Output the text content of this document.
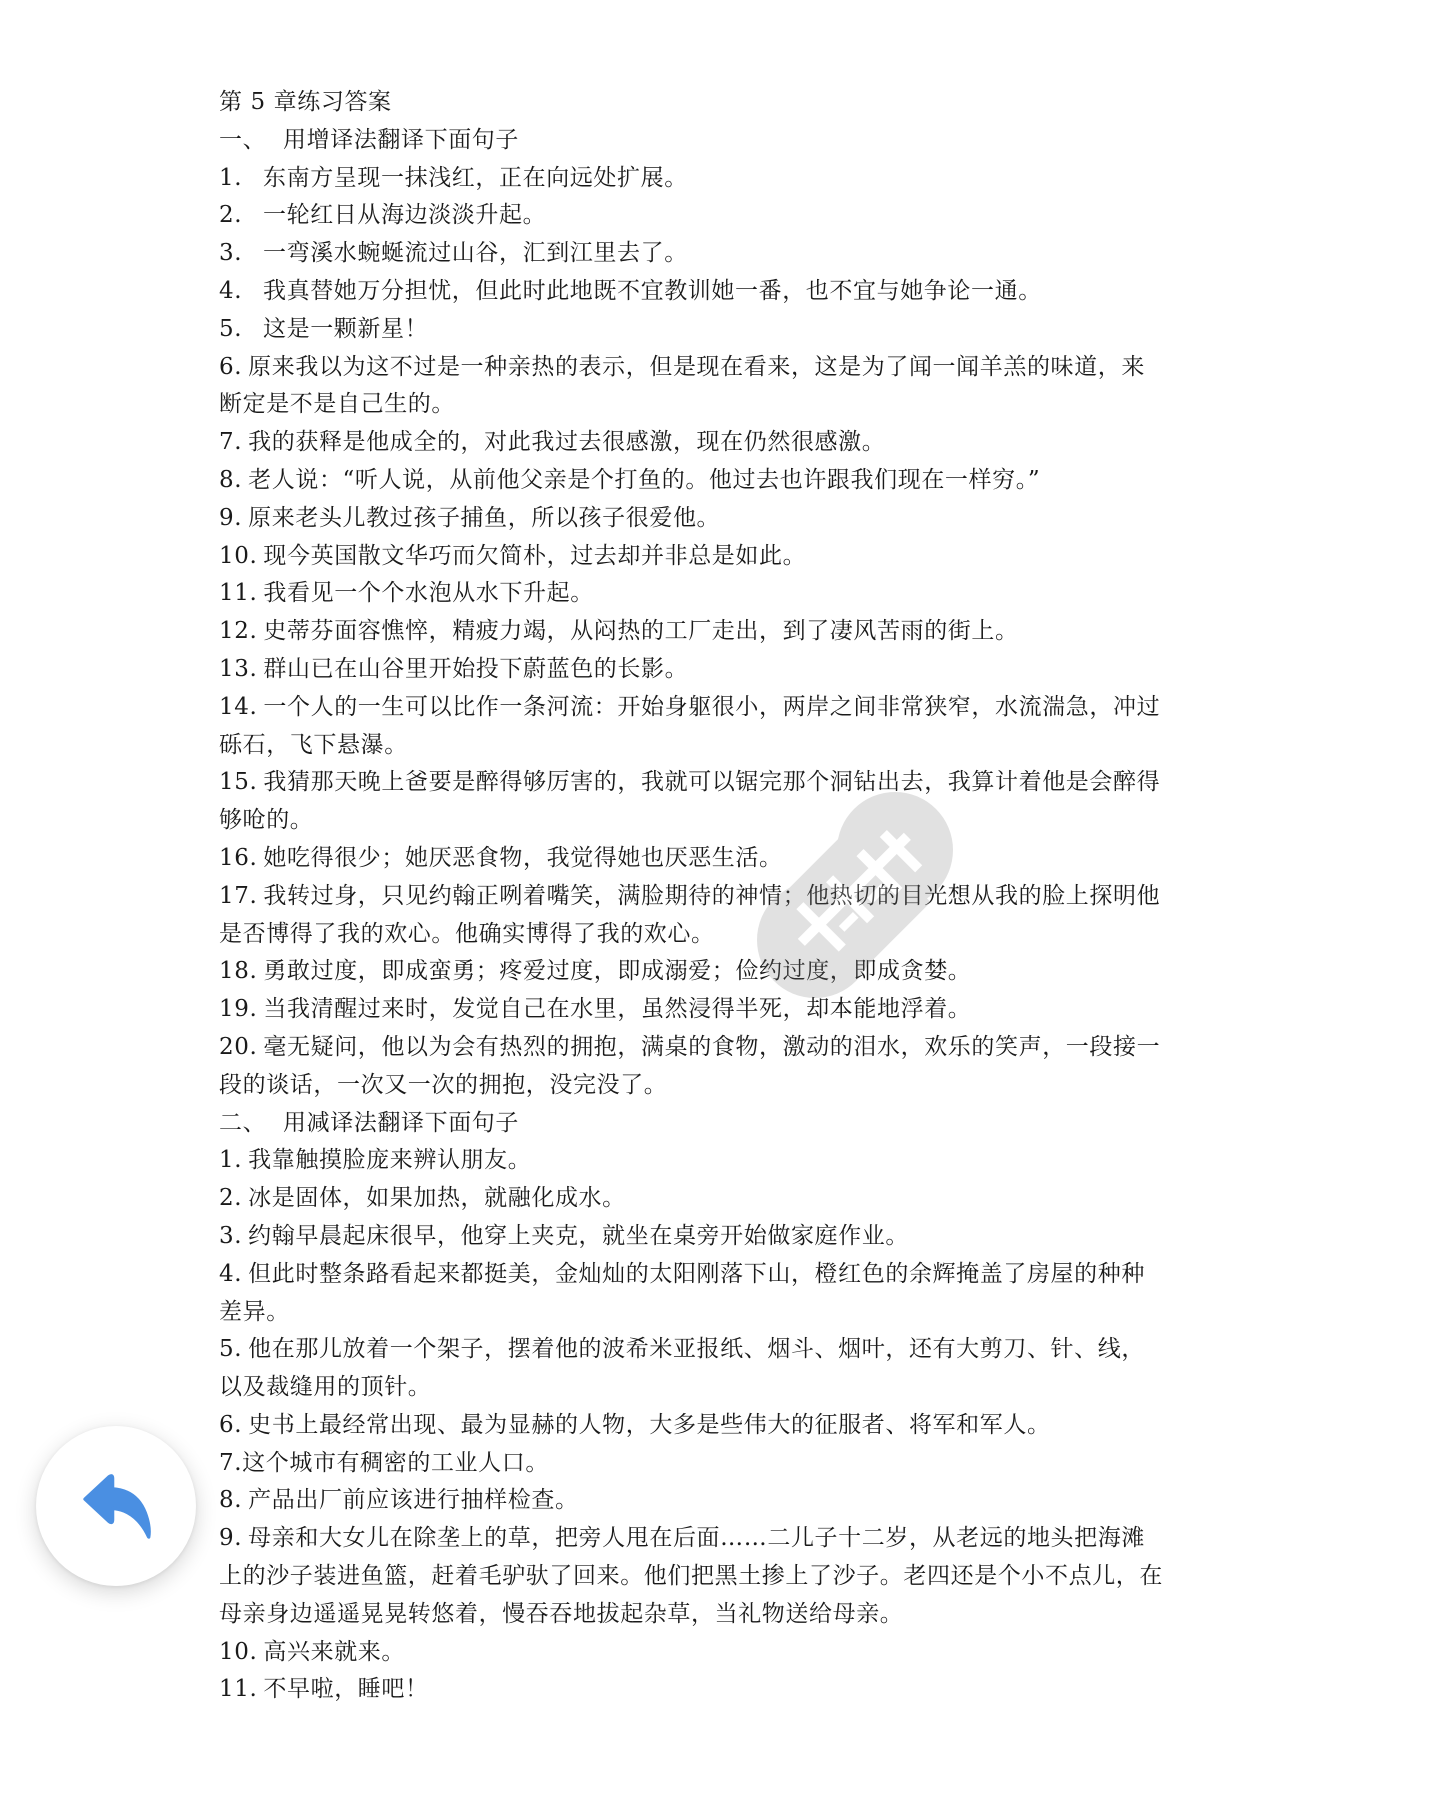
第 5 章练习答案
一、 用增译法翻译下面句子
1. 东南方呈现一抹浅红，正在向远处扩展。
2. 一轮红日从海边淡淡升起。
3. 一弯溪水蜿蜒流过山谷，汇到江里去了。
4. 我真替她万分担忧，但此时此地既不宜教训她一番，也不宜与她争论一通。
5. 这是一颗新星！
6. 原来我以为这不过是一种亲热的表示，但是现在看来，这是为了闻一闻羊羔的味道，来
断定是不是自己生的。
7. 我的获释是他成全的，对此我过去很感激，现在仍然很感激。
8. 老人说：“听人说，从前他父亲是个打鱼的。他过去也许跟我们现在一样穷。”
9. 原来老头儿教过孩子捕鱼，所以孩子很爱他。
10. 现今英国散文华巧而欠简朴，过去却并非总是如此。
11. 我看见一个个水泡从水下升起。
12. 史蒂芬面容憔悴，精疲力竭，从闷热的工厂走出，到了凄风苦雨的街上。
13. 群山已在山谷里开始投下蔚蓝色的长影。
14. 一个人的一生可以比作一条河流：开始身躯很小，两岸之间非常狭窄，水流湍急，冲过
砾石，飞下悬瀑。
15. 我猜那天晚上爸要是醉得够厉害的，我就可以锯完那个洞钻出去，我算计着他是会醉得
够呛的。
16. 她吃得很少；她厌恶食物，我觉得她也厌恶生活。
17. 我转过身，只见约翰正咧着嘴笑，满脸期待的神情；他热切的目光想从我的脸上探明他
是否博得了我的欢心。他确实博得了我的欢心。
18. 勇敢过度，即成蛮勇；疼爱过度，即成溺爱；俭约过度，即成贪婪。
19. 当我清醒过来时，发觉自己在水里，虽然浸得半死，却本能地浮着。
20. 毫无疑问，他以为会有热烈的拥抱，满桌的食物，激动的泪水，欢乐的笑声，一段接一
段的谈话，一次又一次的拥抱，没完没了。
二、 用减译法翻译下面句子
1. 我靠触摸脸庞来辨认朋友。
2. 冰是固体，如果加热，就融化成水。
3. 约翰早晨起床很早，他穿上夹克，就坐在桌旁开始做家庭作业。
4. 但此时整条路看起来都挺美，金灿灿的太阳刚落下山，橙红色的余辉掩盖了房屋的种种
差异。
5. 他在那儿放着一个架子，摆着他的波希米亚报纸、烟斗、烟叶，还有大剪刀、针、线，
以及裁缝用的顶针。
6. 史书上最经常出现、最为显赫的人物，大多是些伟大的征服者、将军和军人。
7.这个城市有稠密的工业人口。
8. 产品出厂前应该进行抽样检查。
9. 母亲和大女儿在除垄上的草，把旁人甩在后面……二儿子十二岁，从老远的地头把海滩
上的沙子装进鱼篮，赶着毛驴驮了回来。他们把黑土掺上了沙子。老四还是个小不点儿，在
母亲身边遥遥晃晃转悠着，慢吞吞地拔起杂草，当礼物送给母亲。
10. 高兴来就来。
11. 不早啦，睡吧！
